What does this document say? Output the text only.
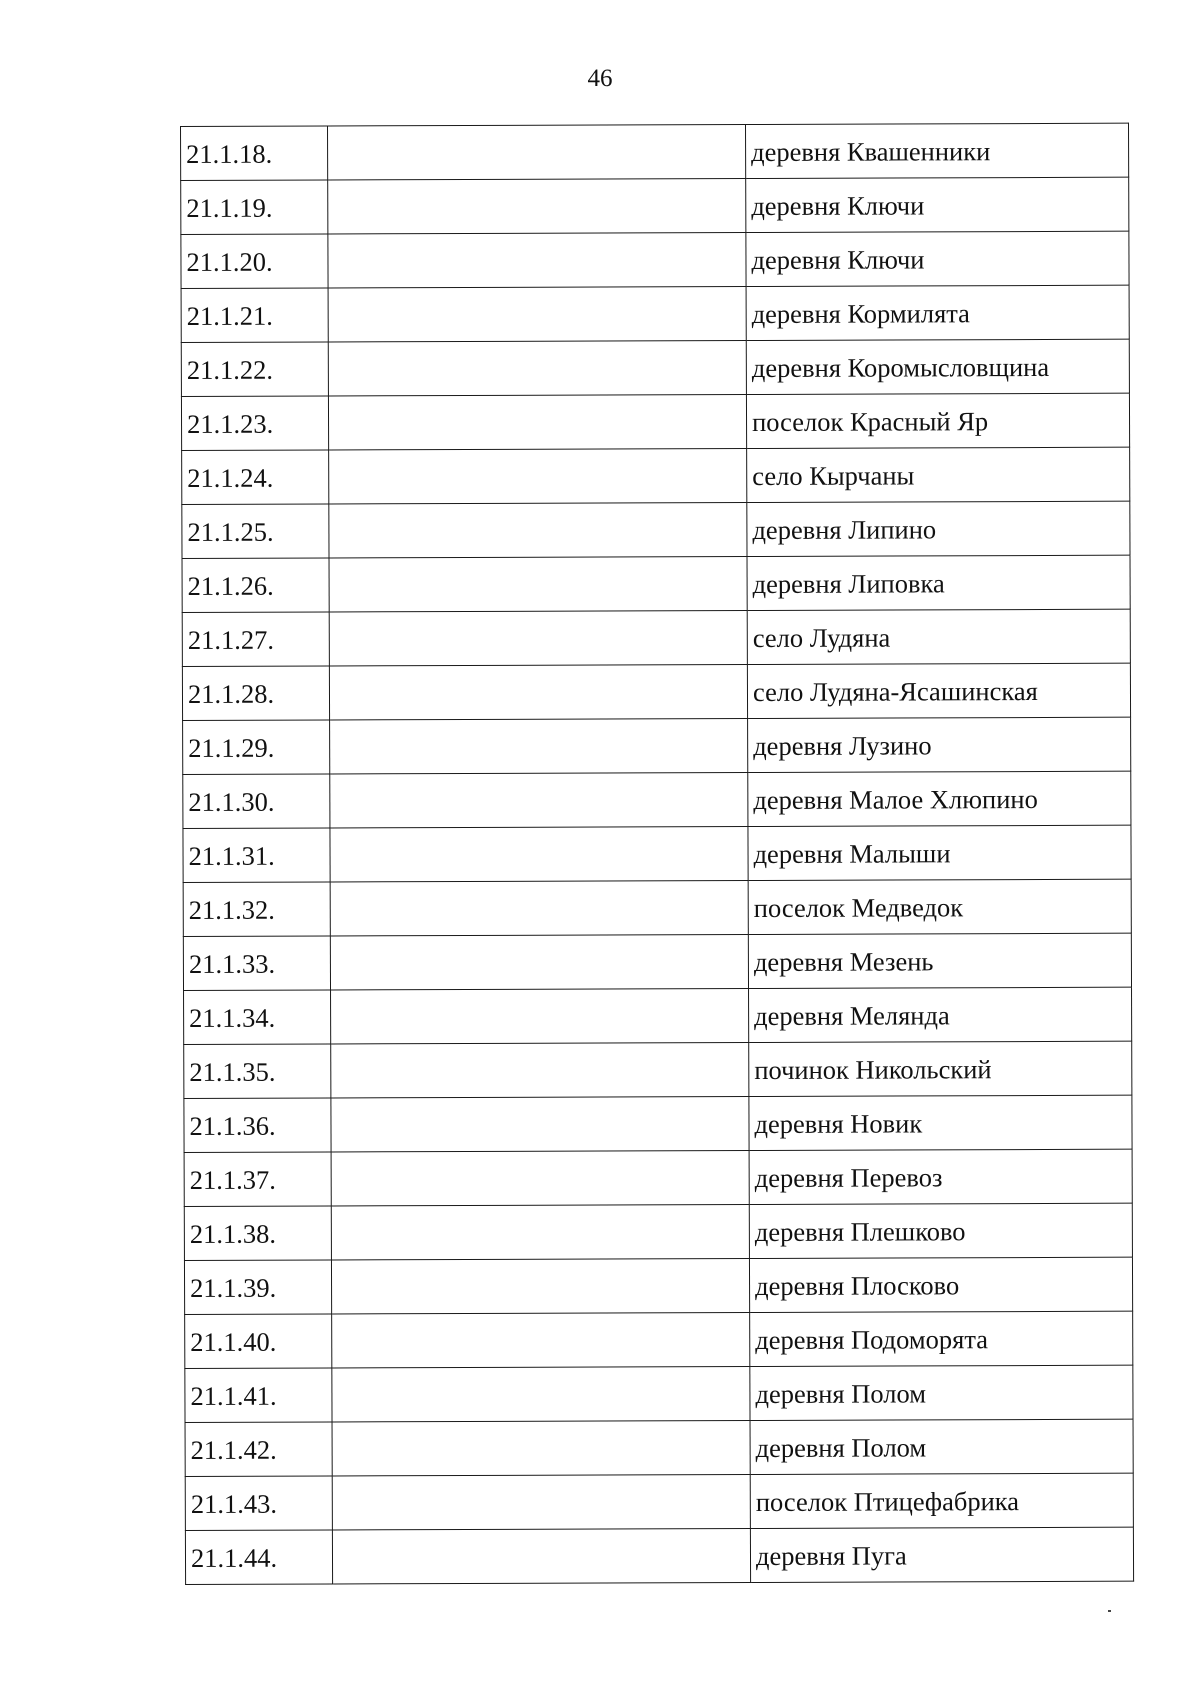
46
21.1.18.		деревня Квашенники
21.1.19.		деревня Ключи
21.1.20.		деревня Ключи
21.1.21.		деревня Кормилята
21.1.22.		деревня Коромысловщина
21.1.23.		поселок Красный Яр
21.1.24.		село Кырчаны
21.1.25.		деревня Липино
21.1.26.		деревня Липовка
21.1.27.		село Лудяна
21.1.28.		село Лудяна-Ясашинская
21.1.29.		деревня Лузино
21.1.30.		деревня Малое Хлюпино
21.1.31.		деревня Малыши
21.1.32.		поселок Медведок
21.1.33.		деревня Мезень
21.1.34.		деревня Мелянда
21.1.35.		починок Никольский
21.1.36.		деревня Новик
21.1.37.		деревня Перевоз
21.1.38.		деревня Плешково
21.1.39.		деревня Плосково
21.1.40.		деревня Подоморята
21.1.41.		деревня Полом
21.1.42.		деревня Полом
21.1.43.		поселок Птицефабрика
21.1.44.		деревня Пуга
